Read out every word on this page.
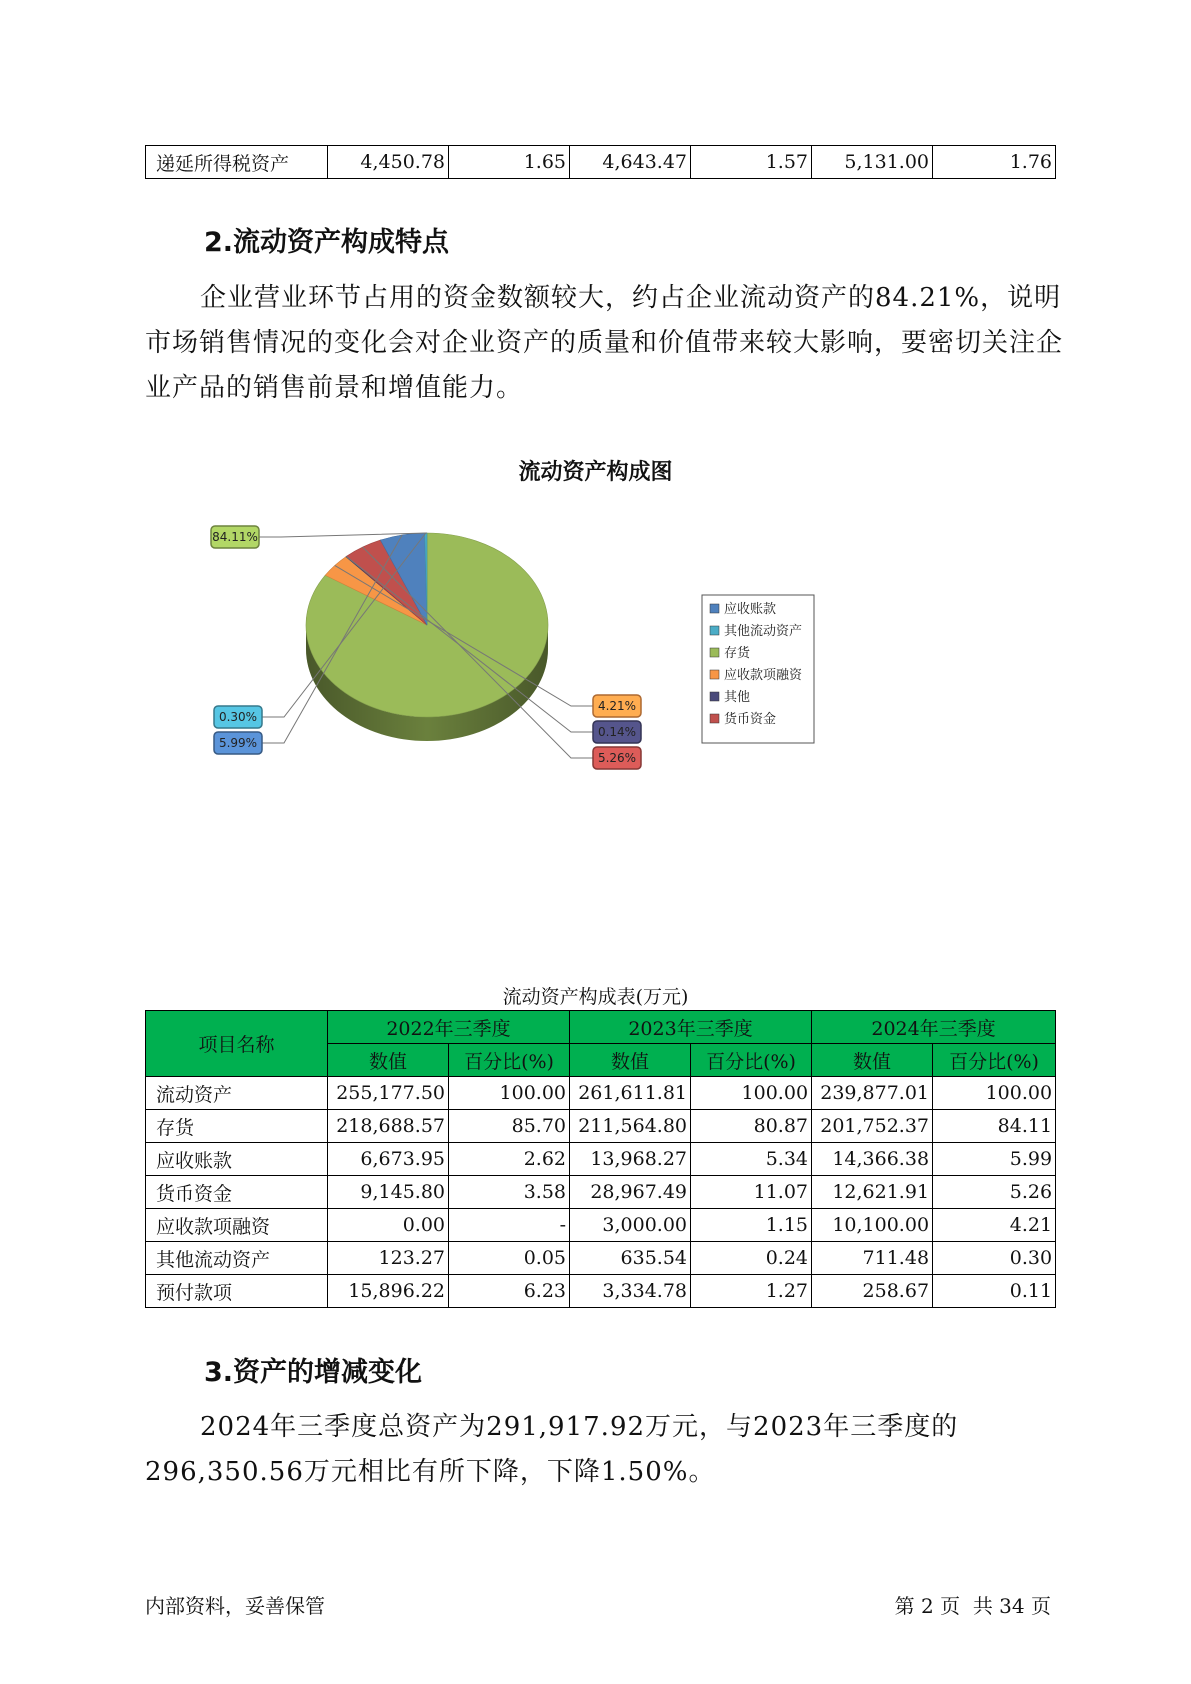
递延所得税资产	4,450.78	1.65	4,643.47	1.57	5,131.00	1.76
2.流动资产构成特点
企业营业环节占用的资金数额较大，约占企业流动资产的84.21%，说明市场销售情况的变化会对企业资产的质量和价值带来较大影响，要密切关注企业产品的销售前景和增值能力。
流动资产构成图
84.11%
4.21%
0.14%
5.26%
5.99%
0.30%
应收账款
其他流动资产
存货
应收款项融资
其他
货币资金
流动资产构成表(万元)
项目名称	2022年三季度		2023年三季度		2024年三季度	
	数值	百分比(%)	数值	百分比(%)	数值	百分比(%)
流动资产	255,177.50	100.00	261,611.81	100.00	239,877.01	100.00
存货	218,688.57	85.70	211,564.80	80.87	201,752.37	84.11
应收账款	6,673.95	2.62	13,968.27	5.34	14,366.38	5.99
货币资金	9,145.80	3.58	28,967.49	11.07	12,621.91	5.26
应收款项融资	0.00	-	3,000.00	1.15	10,100.00	4.21
其他流动资产	123.27	0.05	635.54	0.24	711.48	0.30
预付款项	15,896.22	6.23	3,334.78	1.27	258.67	0.11
3.资产的增减变化
2024年三季度总资产为291,917.92万元，与2023年三季度的296,350.56万元相比有所下降，下降1.50%。
内部资料，妥善保管	第 2 页  共 34 页
